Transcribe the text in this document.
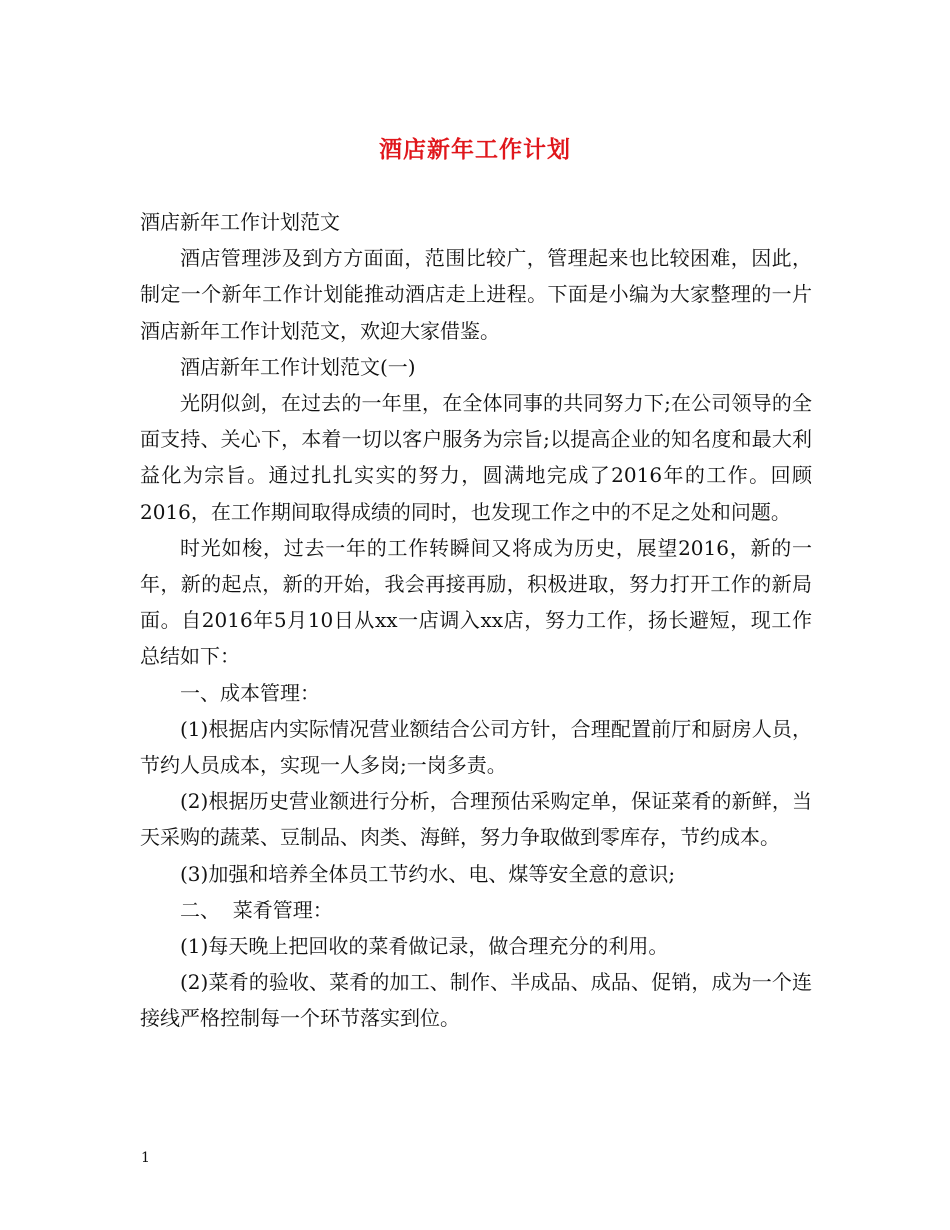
酒店新年工作计划

酒店新年工作计划范文

酒店管理涉及到方方面面，范围比较广，管理起来也比较困难，因此，制定一个新年工作计划能推动酒店走上进程。下面是小编为大家整理的一片酒店新年工作计划范文，欢迎大家借鉴。

酒店新年工作计划范文(一)

光阴似剑，在过去的一年里，在全体同事的共同努力下;在公司领导的全面支持、关心下，本着一切以客户服务为宗旨;以提高企业的知名度和最大利益化为宗旨。通过扎扎实实的努力，圆满地完成了2016年的工作。回顾2016，在工作期间取得成绩的同时，也发现工作之中的不足之处和问题。

时光如梭，过去一年的工作转瞬间又将成为历史，展望2016，新的一年，新的起点，新的开始，我会再接再励，积极进取，努力打开工作的新局面。自2016年5月10日从xx一店调入xx店，努力工作，扬长避短，现工作总结如下：

一、成本管理：

(1)根据店内实际情况营业额结合公司方针，合理配置前厅和厨房人员，节约人员成本，实现一人多岗;一岗多责。

(2)根据历史营业额进行分析，合理预估采购定单，保证菜肴的新鲜，当天采购的蔬菜、豆制品、肉类、海鲜，努力争取做到零库存，节约成本。

(3)加强和培养全体员工节约水、电、煤等安全意的意识;

二、  菜肴管理：

(1)每天晚上把回收的菜肴做记录，做合理充分的利用。

(2)菜肴的验收、菜肴的加工、制作、半成品、成品、促销，成为一个连接线严格控制每一个环节落实到位。

1
